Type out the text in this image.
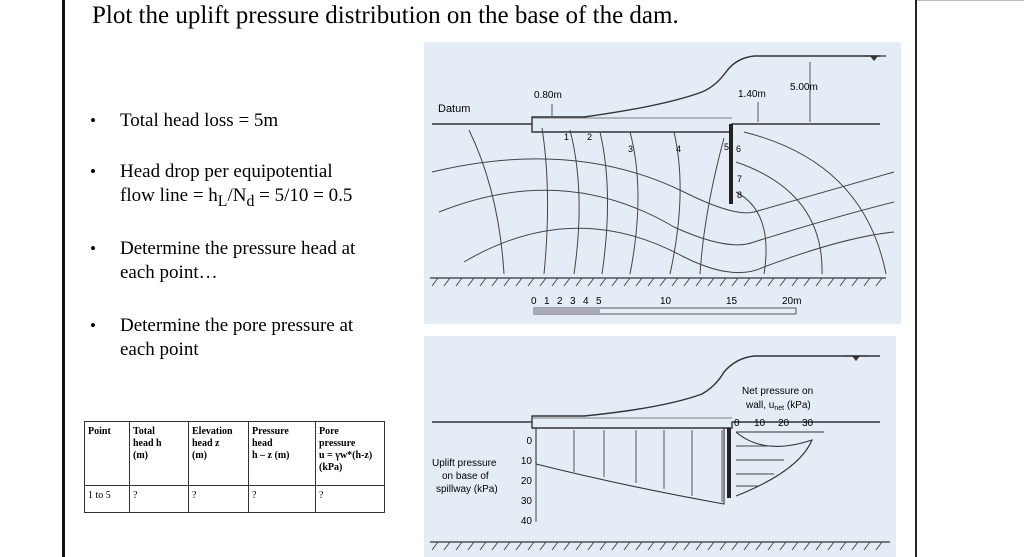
Plot the uplift pressure distribution on the base of the dam.
• Total head loss = 5m
• Head drop per equipotential
flow line = $h_L/N_d = 5/10 = 0.5$
• Determine the pressure head at
each point…
• Determine the pore pressure at
each point
Point	Total
head h
(m)	Elevation
head z
(m)	Pressure
head
h – z (m)	Pore
pressure
u = γw*(h-z)
(kPa)
1 to 5	?	?	?	?
Datum
0.80m	1.40m
5.00m
1 2
3	4	5 6
7
8
0 1 2 3 4 5	10	15	20m
Net pressure on
wall, $u_{net}$ (kPa)
0 10 20 30
Uplift pressure
on base of
spillway (kPa)
0
10
20
30
40
